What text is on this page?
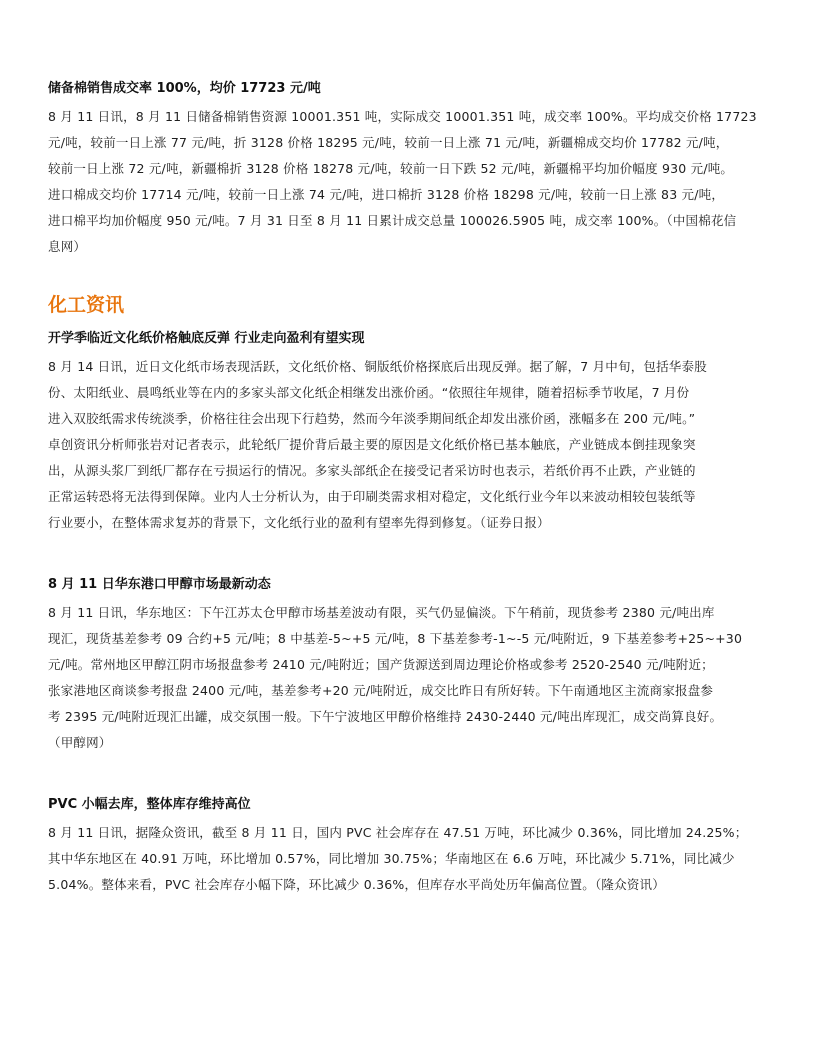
储备棉销售成交率 100%，均价 17723 元/吨
8 月 11 日讯，8 月 11 日储备棉销售资源 10001.351 吨，实际成交 10001.351 吨，成交率 100%。平均成交价格 17723
元/吨，较前一日上涨 77 元/吨，折 3128 价格 18295 元/吨，较前一日上涨 71 元/吨，新疆棉成交均价 17782 元/吨，
较前一日上涨 72 元/吨，新疆棉折 3128 价格 18278 元/吨，较前一日下跌 52 元/吨，新疆棉平均加价幅度 930 元/吨。
进口棉成交均价 17714 元/吨，较前一日上涨 74 元/吨，进口棉折 3128 价格 18298 元/吨，较前一日上涨 83 元/吨，
进口棉平均加价幅度 950 元/吨。7 月 31 日至 8 月 11 日累计成交总量 100026.5905 吨，成交率 100%。（中国棉花信
息网）
化工资讯
开学季临近文化纸价格触底反弹 行业走向盈利有望实现
8 月 14 日讯，近日文化纸市场表现活跃，文化纸价格、铜版纸价格探底后出现反弹。据了解，7 月中旬，包括华泰股
份、太阳纸业、晨鸣纸业等在内的多家头部文化纸企相继发出涨价函。“依照往年规律，随着招标季节收尾，7 月份
进入双胶纸需求传统淡季，价格往往会出现下行趋势，然而今年淡季期间纸企却发出涨价函，涨幅多在 200 元/吨。”
卓创资讯分析师张岩对记者表示，此轮纸厂提价背后最主要的原因是文化纸价格已基本触底，产业链成本倒挂现象突
出，从源头浆厂到纸厂都存在亏损运行的情况。多家头部纸企在接受记者采访时也表示，若纸价再不止跌，产业链的
正常运转恐将无法得到保障。业内人士分析认为，由于印刷类需求相对稳定，文化纸行业今年以来波动相较包装纸等
行业要小，在整体需求复苏的背景下，文化纸行业的盈利有望率先得到修复。（证券日报）
8 月 11 日华东港口甲醇市场最新动态
8 月 11 日讯，华东地区：下午江苏太仓甲醇市场基差波动有限，买气仍显偏淡。下午稍前，现货参考 2380 元/吨出库
现汇，现货基差参考 09 合约+5 元/吨；8 中基差-5~+5 元/吨，8 下基差参考-1~-5 元/吨附近，9 下基差参考+25~+30
元/吨。常州地区甲醇江阴市场报盘参考 2410 元/吨附近；国产货源送到周边理论价格或参考 2520-2540 元/吨附近；
张家港地区商谈参考报盘 2400 元/吨，基差参考+20 元/吨附近，成交比昨日有所好转。下午南通地区主流商家报盘参
考 2395 元/吨附近现汇出罐，成交氛围一般。下午宁波地区甲醇价格维持 2430-2440 元/吨出库现汇，成交尚算良好。
（甲醇网）
PVC 小幅去库，整体库存维持高位
8 月 11 日讯，据隆众资讯，截至 8 月 11 日，国内 PVC 社会库存在 47.51 万吨，环比减少 0.36%，同比增加 24.25%；
其中华东地区在 40.91 万吨，环比增加 0.57%，同比增加 30.75%；华南地区在 6.6 万吨，环比减少 5.71%，同比减少
5.04%。整体来看，PVC 社会库存小幅下降，环比减少 0.36%，但库存水平尚处历年偏高位置。（隆众资讯）
